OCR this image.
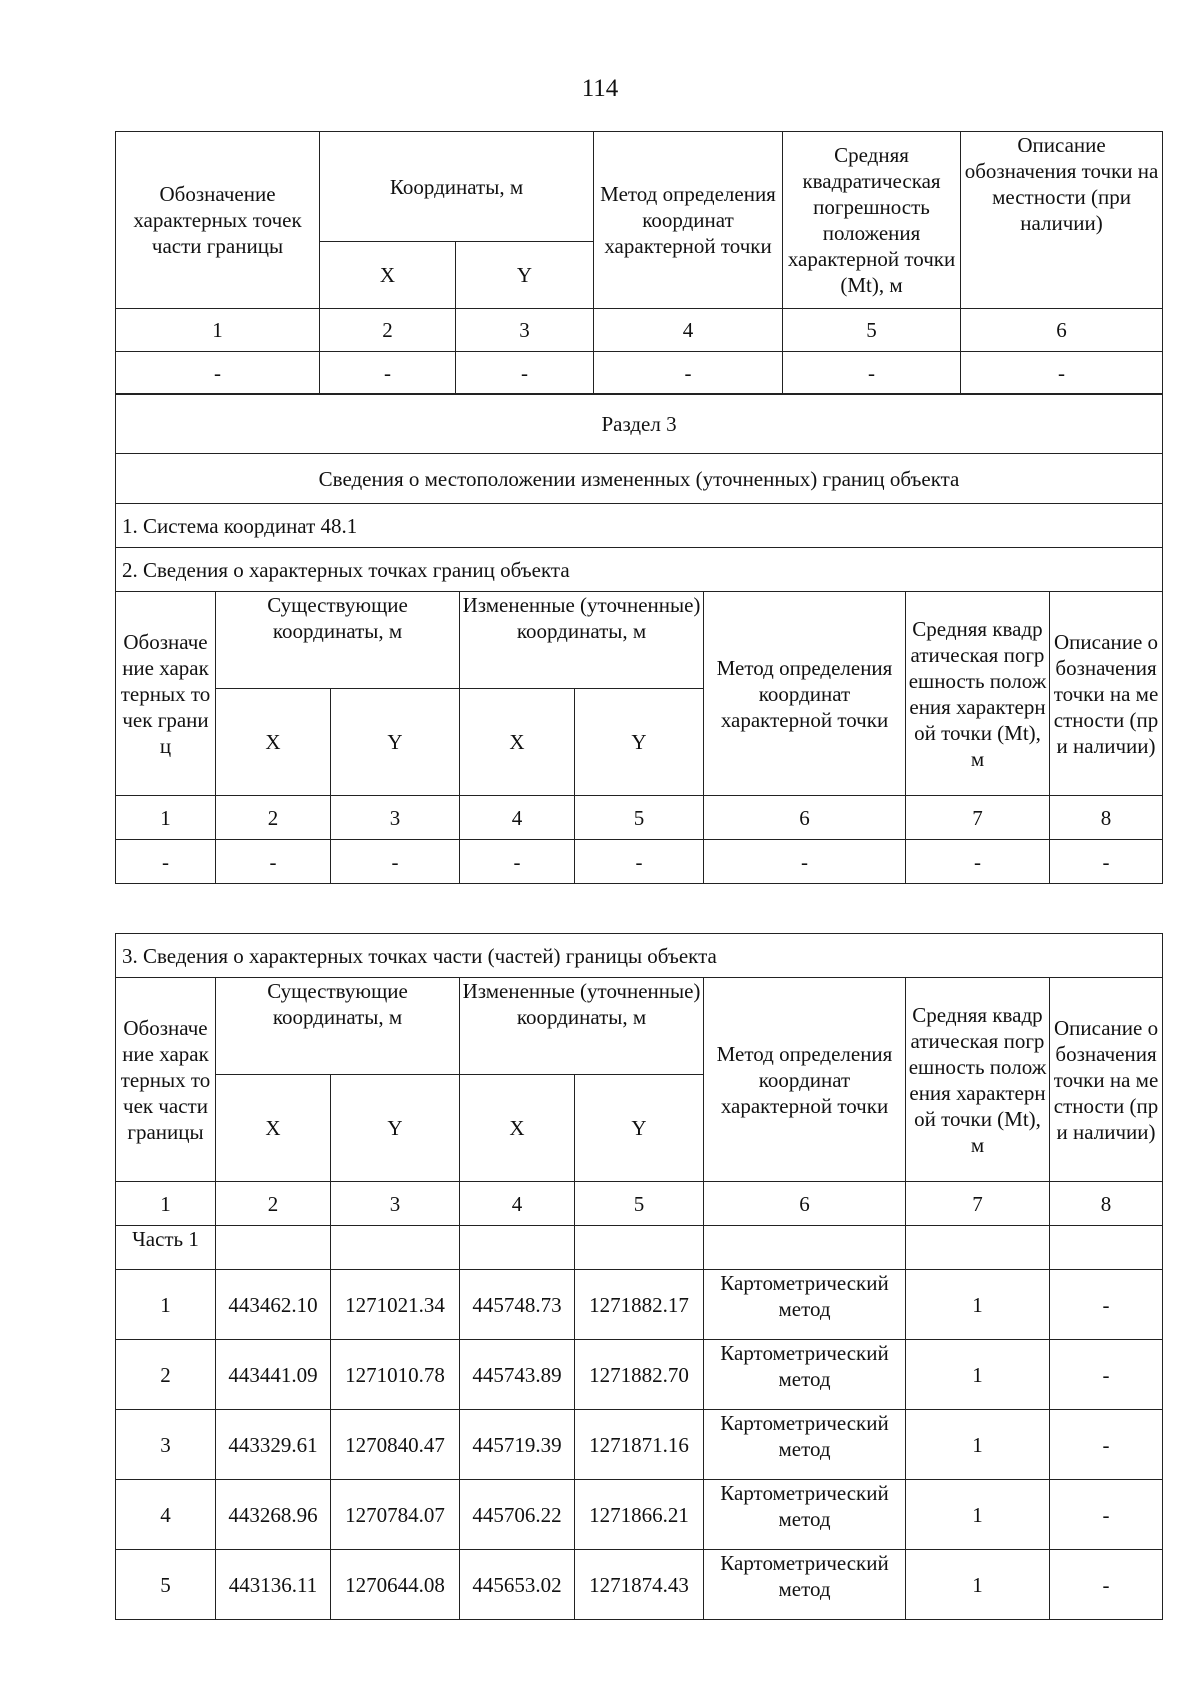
114
Обозначение характерных точек части границы	Координаты, м		Метод определения координат характерной точки	Средняя квадратическая погрешность положения характерной точки (Mt), м	Описание обозначения точки на местности (при наличии)
	X	Y			
1	2	3	4	5	6
-	-	-	-	-	-
Раздел 3							
Сведения о местоположении измененных (уточненных) границ объекта							
1. Система координат 48.1							
2. Сведения о характерных точках границ объекта							
Обозначение характерных точек границ	Существующие координаты, м		Измененные (уточненные) координаты, м		Метод определения координат характерной точки	Средняя квадратическая погрешность положения характерной точки (Mt), м	Описание обозначения точки на местности (при наличии)
	X	Y	X	Y			
1	2	3	4	5	6	7	8
-	-	-	-	-	-	-	-
3. Сведения о характерных точках части (частей) границы объекта							
Обозначение характерных точек части границы	Существующие координаты, м		Измененные (уточненные) координаты, м		Метод определения координат характерной точки	Средняя квадратическая погрешность положения характерной точки (Mt), м	Описание обозначения точки на местности (при наличии)
	X	Y	X	Y			
1	2	3	4	5	6	7	8
Часть 1							
1	443462.10	1271021.34	445748.73	1271882.17	Картометрический метод	1	-
2	443441.09	1271010.78	445743.89	1271882.70	Картометрический метод	1	-
3	443329.61	1270840.47	445719.39	1271871.16	Картометрический метод	1	-
4	443268.96	1270784.07	445706.22	1271866.21	Картометрический метод	1	-
5	443136.11	1270644.08	445653.02	1271874.43	Картометрический метод	1	-
